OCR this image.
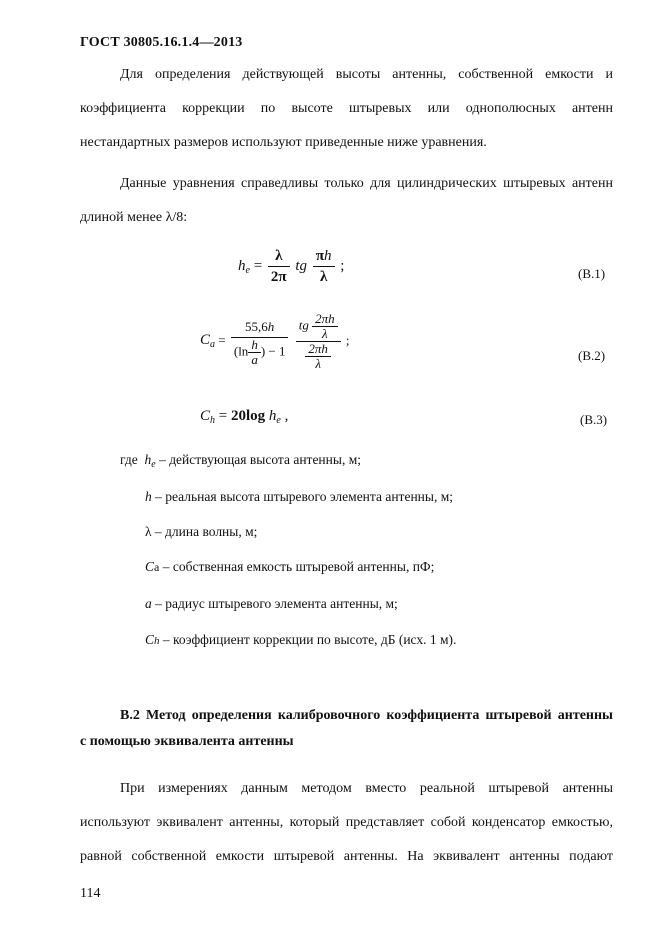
ГОСТ 30805.16.1.4—2013
Для определения действующей высоты антенны, собственной емкости и
коэффициента коррекции по высоте штыревых или однополюсных антенн
нестандартных размеров используют приведенные ниже уравнения.
Данные уравнения справедливы только для цилиндрических штыревых антенн
длиной менее λ/8:
$h_e = \frac{\lambda}{2\pi}$ tg $\frac{\pi h}{\lambda}$ ;	(В.1)
$C_a = \frac{55,6h}{(\ln \frac{h}{a} ) - 1}$
$\frac{tg \frac{2\pi h}{\lambda}}{\frac{2\pi h}{\lambda}}$ ;
(В.2)
$C_h = 20\log$ $h_e$ ,	(В.3)
где  $h_e$ – действующая высота антенны, м;
h – реальная высота штыревого элемента антенны, м;
λ – длина волны, м;
Ca – собственная емкость штыревой антенны, пФ;
a – радиус штыревого элемента антенны, м;
Ch – коэффициент коррекции по высоте, дБ (исх. 1 м).
В.2 Метод определения калибровочного коэффициента штыревой антенны
с помощью эквивалента антенны
При измерениях данным методом вместо реальной штыревой антенны
используют эквивалент антенны, который представляет собой конденсатор емкостью,
равной собственной емкости штыревой антенны. На эквивалент антенны подают
114
